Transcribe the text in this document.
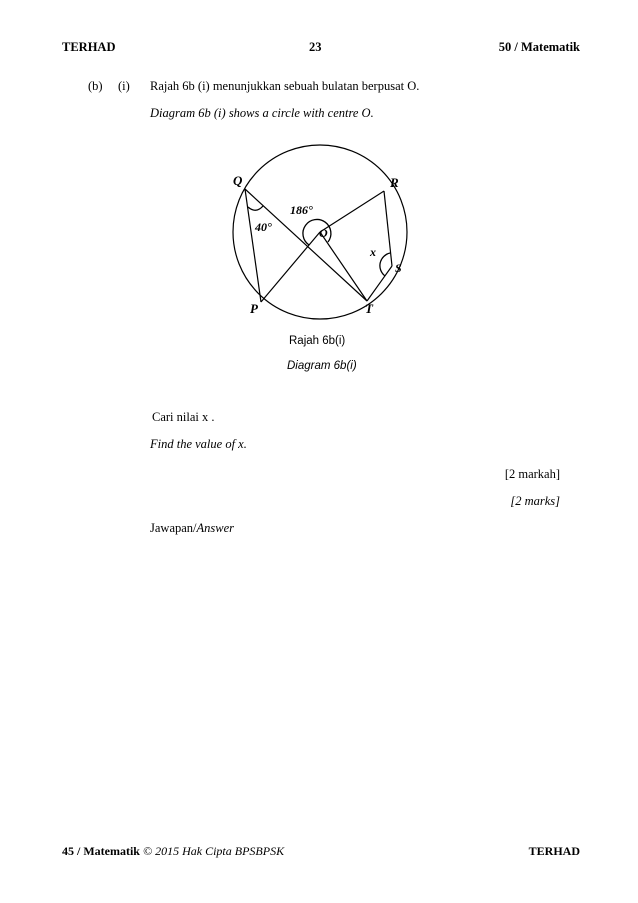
TERHAD	23	50 / Matematik
(b) (i) Rajah 6b (i) menunjukkan sebuah bulatan berpusat O.
Diagram 6b (i) shows a circle with centre O.
Q	R
O
S
P	T
186°
40°
x
Rajah 6b(i)
Diagram 6b(i)
Cari nilai x .
Find the value of x.
[2 markah]
[2 marks]
Jawapan/Answer
45 / Matematik © 2015 Hak Cipta BPSBPSK	TERHAD
